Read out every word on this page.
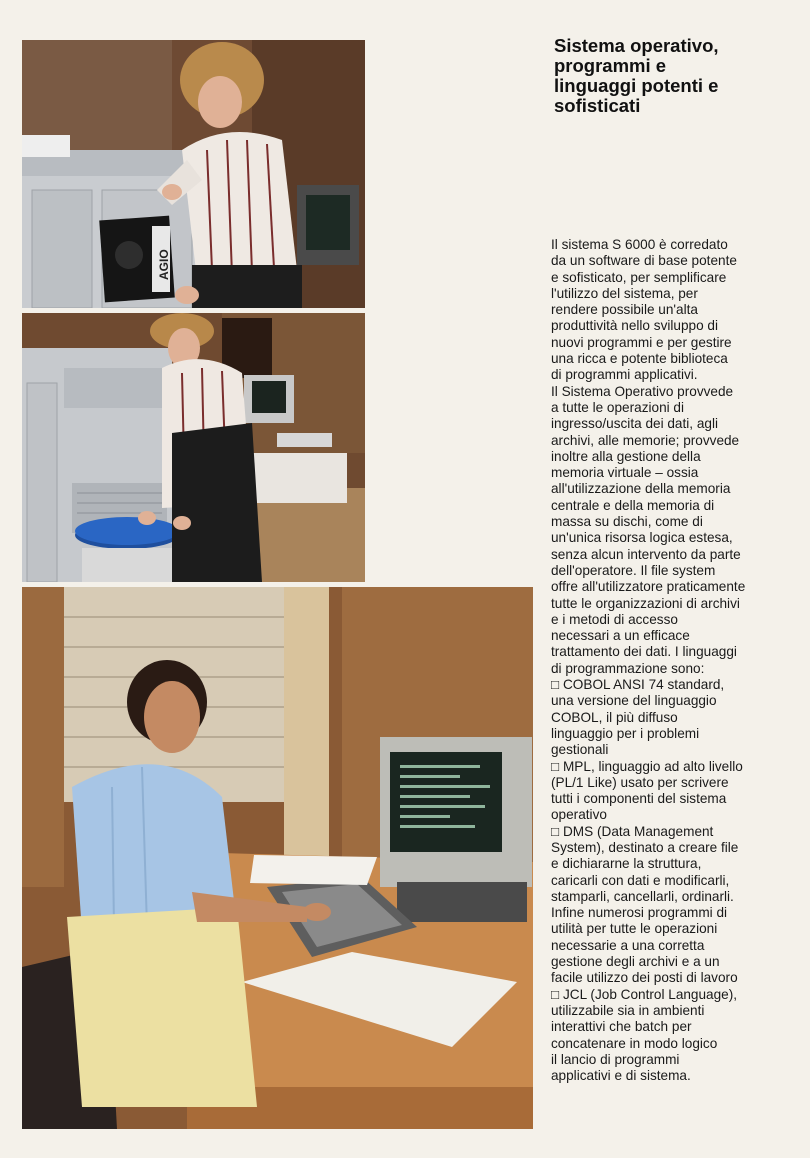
AGIO
Sistema operativo,
programmi e
linguaggi potenti e
sofisticati
Il sistema S 6000 è corredato
da un software di base potente
e sofisticato, per semplificare
l'utilizzo del sistema, per
rendere possibile un'alta
produttività nello sviluppo di
nuovi programmi e per gestire
una ricca e potente biblioteca
di programmi applicativi.
Il Sistema Operativo provvede
a tutte le operazioni di
ingresso/uscita dei dati, agli
archivi, alle memorie; provvede
inoltre alla gestione della
memoria virtuale – ossia
all'utilizzazione della memoria
centrale e della memoria di
massa su dischi, come di
un'unica risorsa logica estesa,
senza alcun intervento da parte
dell'operatore. Il file system
offre all'utilizzatore praticamente
tutte le organizzazioni di archivi
e i metodi di accesso
necessari a un efficace
trattamento dei dati. I linguaggi
di programmazione sono:
□ COBOL ANSI 74 standard,
una versione del linguaggio
COBOL, il più diffuso
linguaggio per i problemi
gestionali
□ MPL, linguaggio ad alto livello
(PL/1 Like) usato per scrivere
tutti i componenti del sistema
operativo
□ DMS (Data Management
System), destinato a creare file
e dichiararne la struttura,
caricarli con dati e modificarli,
stamparli, cancellarli, ordinarli.
Infine numerosi programmi di
utilità per tutte le operazioni
necessarie a una corretta
gestione degli archivi e a un
facile utilizzo dei posti di lavoro
□ JCL (Job Control Language),
utilizzabile sia in ambienti
interattivi che batch per
concatenare in modo logico
il lancio di programmi
applicativi e di sistema.
